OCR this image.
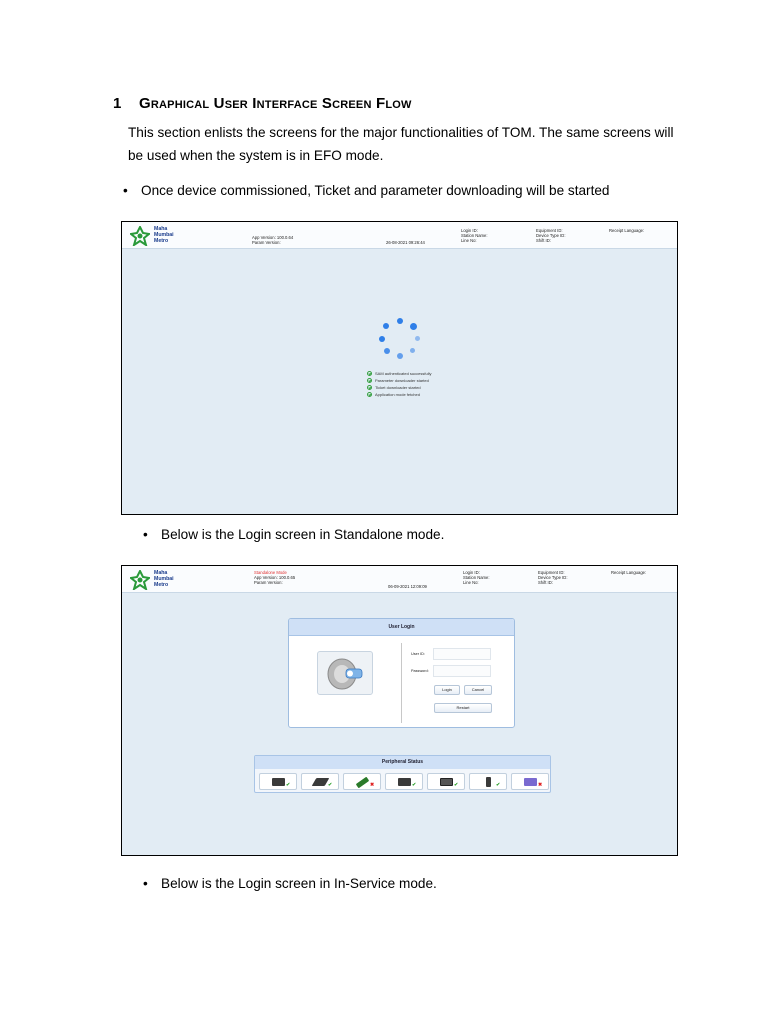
1 Graphical User Interface Screen Flow

This section enlists the screens for the major functionalities of TOM. The same screens will be used when the system is in EFO mode.

• Once device commissioned, Ticket and parameter downloading will be started
Maha
Mumbai
Metro
App Version: 100.0.64
Param Version:	26-08-2021 09:26:44
Login ID:
Station Name:
Line No:
Equipment ID:
Device Type ID:
Shift ID:
Receipt Language:
SAM authenticated successfully
Parameter downloader started
Ticket downloader started
Application mode fetched
• Below is the Login screen in Standalone mode.
Maha
Mumbai
Metro
Standalone Mode
App Version: 100.0.65
Param Version:
06-09-2021 12:09:09
Login ID:
Station Name:
Line No:
Equipment ID:
Device Type ID:
Shift ID:
Receipt Language:
User Login
User ID:
Password:
Login	Cancel
Restart
Peripheral Status
✔	✔	✖	✔	✔	✔	✖
• Below is the Login screen in In-Service mode.
